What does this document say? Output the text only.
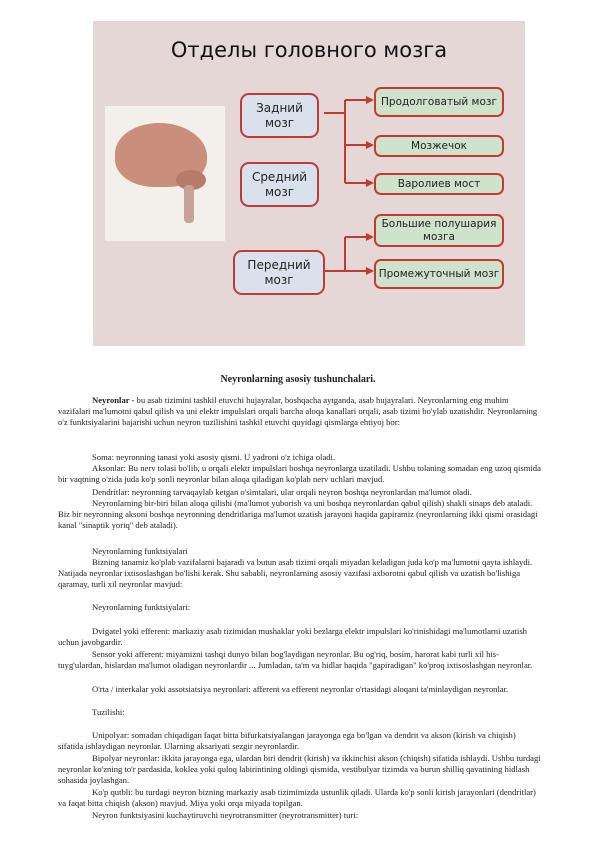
Отделы головного мозга
Задний мозг
Средний мозг
Передний мозг
Продолговатый мозг
Мозжечок
Варолиев мост
Большие полушария мозга
Промежуточный мозг
Neyronlarning asosiy tushunchalari.

Neyronlar - bu asab tizimini tashkil etuvchi hujayralar, boshqacha aytganda, asab hujayralari. Neyronlarning eng muhim vazifalari ma'lumotni qabul qilish va uni elektr impulslari orqali barcha aloqa kanallari orqali, asab tizimi bo'ylab uzatishdir. Neyronlarning o'z funktsiyalarini bajarishi uchun neyron tuzilishini tashkil etuvchi quyidagi qismlarga ehtiyoj bor:

Soma: neyronning tanasi yoki asosiy qismi. U yadroni o'z ichiga oladi.

Aksonlar: Bu nerv tolasi bo'lib, u orqali elektr impulslari boshqa neyronlarga uzatiladi. Ushbu tolaning somadan eng uzoq qismida bir vaqtning o'zida juda ko'p sonli neyronlar bilan aloqa qiladigan ko'plab nerv uchlari mavjud.

Dendritlar: neyronning tarvaqaylab ketgan o'simtalari, ular orqali neyron boshqa neyronlardan ma'lumot oladi.

Neyronlarning bir-biri bilan aloqa qilishi (ma'lumot yuborish va uni boshqa neyronlardan qabul qilish) shakli sinaps deb ataladi. Biz bir neyronning aksoni boshqa neyronning dendritlariga ma'lumot uzatish jarayoni haqida gapiramiz (neyronlarning ikki qismi orasidagi kanal "sinaptik yoriq" deb ataladi).

Neyronlarning funktsiyalari

Bizning tanamiz ko'plab vazifalarni bajaradi va butun asab tizimi orqali miyadan keladigan juda ko'p ma'lumotni qayta ishlaydi. Natijada neyronlar ixtisoslashgan bo'lishi kerak. Shu sababli, neyronlarning asosiy vazifasi axborotni qabul qilish va uzatish bo'lishiga qaramay, turli xil neyronlar mavjud:

Neyronlarning funktsiyalari:

Dvigatel yoki efferent: markaziy asab tizimidan mushaklar yoki bezlarga elektr impulslari ko'rinishidagi ma'lumotlarni uzatish uchun javobgardir.

Sensor yoki afferent: miyamizni tashqi dunyo bilan bog'laydigan neyronlar. Bu og'riq, bosim, harorat kabi turli xil his-tuyg'ulardan, hislardan ma'lumot oladigan neyronlardir ... Jumladan, ta'm va hidlar haqida "gapiradigan" ko'proq ixtisoslashgan neyronlar.

O'rta / interkalar yoki assotsiatsiya neyronlari: afferent va efferent neyronlar o'rtasidagi aloqani ta'minlaydigan neyronlar.

Tuzilishi:

Unipolyar: somadan chiqadigan faqat bitta bifurkatsiyalangan jarayonga ega bo'lgan va dendrit va akson (kirish va chiqish) sifatida ishlaydigan neyronlar. Ularning aksariyati sezgir neyronlardir.

Bipolyar neyronlar: ikkita jarayonga ega, ulardan biri dendrit (kirish) va ikkinchisi akson (chiqish) sifatida ishlaydi. Ushbu turdagi neyronlar ko'zning to'r pardasida, koklea yoki quloq labirintining oldingi qismida, vestibulyar tizimda va burun shilliq qavatining hidlash sohasida joylashgan.

Ko'p qutbli: bu turdagi neyron bizning markaziy asab tizimimizda ustunlik qiladi. Ularda ko'p sonli kirish jarayonlari (dendritlar) va faqat bitta chiqish (akson) mavjud. Miya yoki orqa miyada topilgan.

Neyron funktsiyasini kuchaytiruvchi neyrotransmitter (neyrotransmitter) turi:
